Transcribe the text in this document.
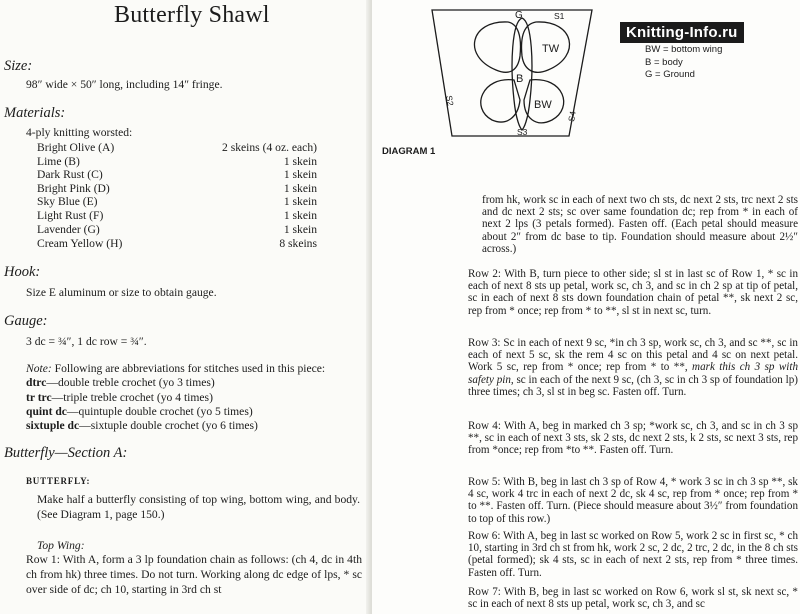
Butterfly Shawl
Size:
98″ wide × 50″ long, including 14″ fringe.
Materials:
4-ply knitting worsted:
Bright Olive (A)	2 skeins (4 oz. each)
Lime (B)	1 skein
Dark Rust (C)	1 skein
Bright Pink (D)	1 skein
Sky Blue (E)	1 skein
Light Rust (F)	1 skein
Lavender (G)	1 skein
Cream Yellow (H)	8 skeins
Hook:
Size E aluminum or size to obtain gauge.
Gauge:
3 dc = ¾″, 1 dc row = ¾″.
Note: Following are abbreviations for stitches used in this piece:
dtrc—double treble crochet (yo 3 times)
tr trc—triple treble crochet (yo 4 times)
quint dc—quintuple double crochet (yo 5 times)
sixtuple dc—sixtuple double crochet (yo 6 times)
Butterfly—Section A:
BUTTERFLY:
Make half a butterfly consisting of top wing, bottom wing, and body. (See Diagram 1, page 150.)
Top Wing:
Row 1: With A, form a 3 lp foundation chain as follows: (ch 4, dc in 4th ch from hk) three times. Do not turn. Working along dc edge of lps, * sc over side of dc; ch 10, starting in 3rd ch st
G	S1
B
TW
BW
S3
S2
S4
DIAGRAM 1
BW = bottom wing
B = body
G = Ground
Knitting-Info.ru
from hk, work sc in each of next two ch sts, dc next 2 sts, trc next 2 sts and dc next 2 sts; sc over same foundation dc; rep from * in each of next 2 lps (3 petals formed). Fasten off. (Each petal should measure about 2″ from dc base to tip. Foundation should measure about 2½″ across.)
Row 2: With B, turn piece to other side; sl st in last sc of Row 1, * sc in each of next 8 sts up petal, work sc, ch 3, and sc in ch 2 sp at tip of petal, sc in each of next 8 sts down foundation chain of petal **, sk next 2 sc, rep from * once; rep from * to **, sl st in next sc, turn.
Row 3: Sc in each of next 9 sc, *in ch 3 sp, work sc, ch 3, and sc **, sc in each of next 5 sc, sk the rem 4 sc on this petal and 4 sc on next petal. Work 5 sc, rep from * once; rep from * to **, mark this ch 3 sp with safety pin, sc in each of the next 9 sc, (ch 3, sc in ch 3 sp of foundation lp) three times; ch 3, sl st in beg sc. Fasten off. Turn.
Row 4: With A, beg in marked ch 3 sp; *work sc, ch 3, and sc in ch 3 sp **, sc in each of next 3 sts, sk 2 sts, dc next 2 sts, k 2 sts, sc next 3 sts, rep from *once; rep from *to **. Fasten off. Turn.
Row 5: With B, beg in last ch 3 sp of Row 4, * work 3 sc in ch 3 sp **, sk 4 sc, work 4 trc in each of next 2 dc, sk 4 sc, rep from * once; rep from * to **. Fasten off. Turn. (Piece should measure about 3½″ from foundation to top of this row.)
Row 6: With A, beg in last sc worked on Row 5, work 2 sc in first sc, * ch 10, starting in 3rd ch st from hk, work 2 sc, 2 dc, 2 trc, 2 dc, in the 8 ch sts (petal formed); sk 4 sts, sc in each of next 2 sts, rep from * three times. Fasten off. Turn.
Row 7: With B, beg in last sc worked on Row 6, work sl st, sk next sc, * sc in each of next 8 sts up petal, work sc, ch 3, and sc
